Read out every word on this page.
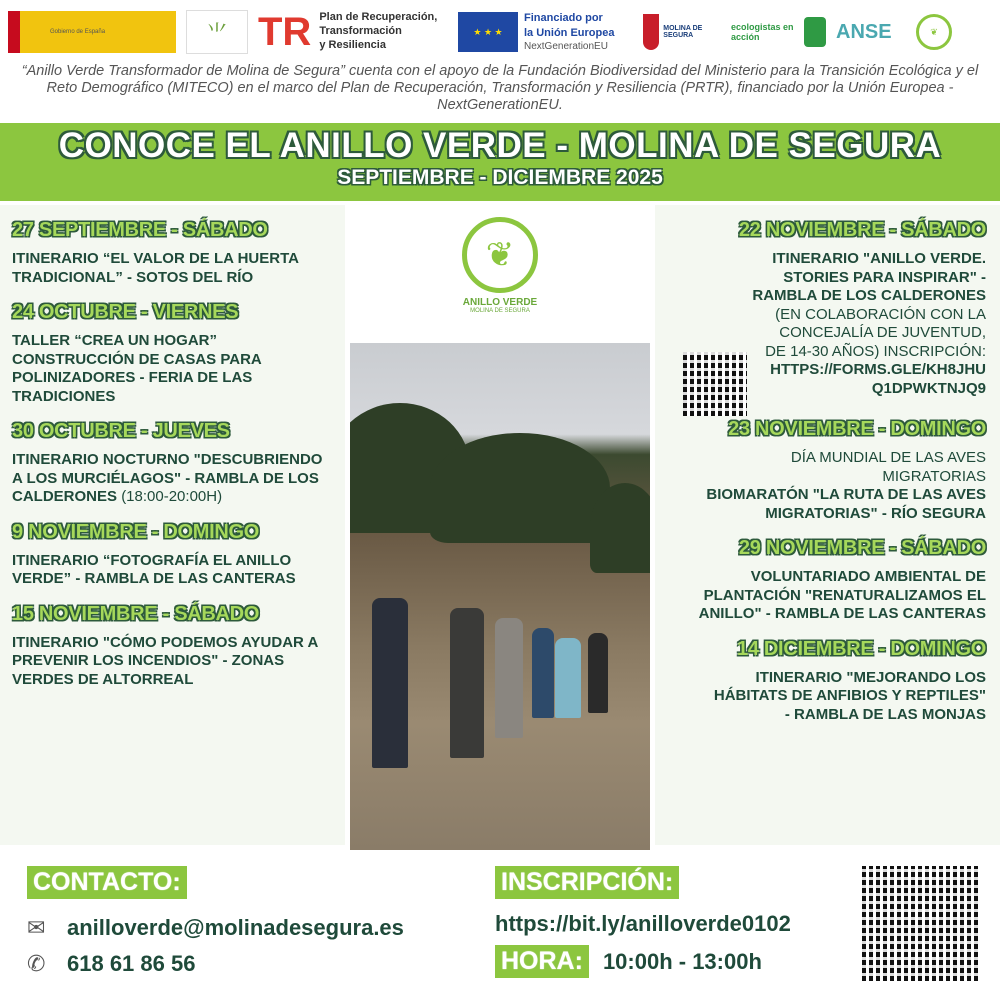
Gobierno de España	⺌ TR Plan de Recuperación,
Transformación
y Resiliencia
★ ★ ★
Financiado por
la Unión Europea
NextGenerationEU
MOLINA DE SEGURA
ecologistas en acción	ANSE	❦
“Anillo Verde Transformador de Molina de Segura” cuenta con el apoyo de la Fundación Biodiversidad del Ministerio para la Transición Ecológica y el Reto Demográfico (MITECO) en el marco del Plan de Recuperación, Transformación y Resiliencia (PRTR), financiado por la Unión Europea - NextGenerationEU.
CONOCE EL ANILLO VERDE - MOLINA DE SEGURA
SEPTIEMBRE - DICIEMBRE 2025
27 SEPTIEMBRE - SÁBADO
ITINERARIO “EL VALOR DE LA HUERTA TRADICIONAL” - SOTOS DEL RÍO
24 OCTUBRE - VIERNES
TALLER “CREA UN HOGAR” CONSTRUCCIÓN DE CASAS PARA POLINIZADORES - FERIA DE LAS TRADICIONES
30 OCTUBRE - JUEVES
ITINERARIO NOCTURNO "DESCUBRIENDO A LOS MURCIÉLAGOS" - RAMBLA DE LOS CALDERONES (18:00-20:00H)
9 NOVIEMBRE - DOMINGO
ITINERARIO “FOTOGRAFÍA EL ANILLO VERDE” - RAMBLA DE LAS CANTERAS
15 NOVIEMBRE - SÁBADO
ITINERARIO "CÓMO PODEMOS AYUDAR A PREVENIR LOS INCENDIOS" - ZONAS VERDES DE ALTORREAL
❦
ANILLO VERDE
MOLINA DE SEGURA
22 NOVIEMBRE - SÁBADO
ITINERARIO "ANILLO VERDE. STORIES PARA INSPIRAR" - RAMBLA DE LOS CALDERONES
(EN COLABORACIÓN CON LA CONCEJALÍA DE JUVENTUD, DE 14-30 AÑOS) INSCRIPCIÓN:
HTTPS://FORMS.GLE/KH8JHUQ1DPWKTNJQ9
23 NOVIEMBRE - DOMINGO
DÍA MUNDIAL DE LAS AVES MIGRATORIAS
BIOMARATÓN "LA RUTA DE LAS AVES MIGRATORIAS" - RÍO SEGURA
29 NOVIEMBRE - SÁBADO
VOLUNTARIADO AMBIENTAL DE PLANTACIÓN "RENATURALIZAMOS EL ANILLO" - RAMBLA DE LAS CANTERAS
14 DICIEMBRE - DOMINGO
ITINERARIO "MEJORANDO LOS HÁBITATS DE ANFIBIOS Y REPTILES" - RAMBLA DE LAS MONJAS
CONTACTO:
✉ anilloverde@molinadesegura.es
✆ 618 61 86 56
INSCRIPCIÓN:
https://bit.ly/anilloverde0102
HORA: 10:00h - 13:00h
